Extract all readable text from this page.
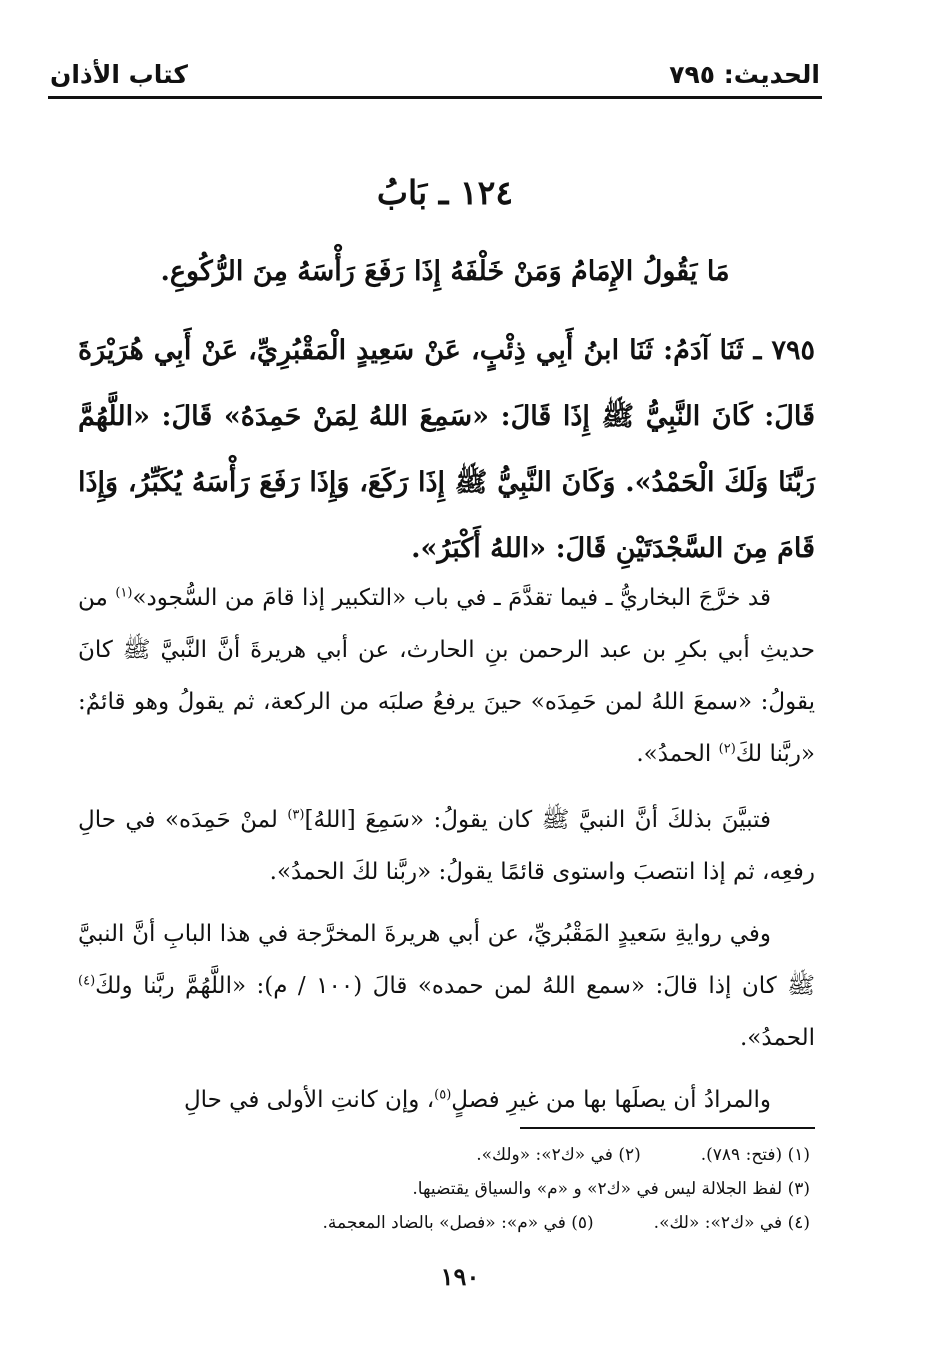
الحديث: ٧٩٥
كتاب الأذان
١٢٤ ـ بَابُ
مَا يَقُولُ الإِمَامُ وَمَنْ خَلْفَهُ إِذَا رَفَعَ رَأْسَهُ مِنَ الرُّكُوعِ.
٧٩٥ ـ ثَنَا آدَمُ: ثَنَا ابنُ أَبِي ذِئْبٍ، عَنْ سَعِيدٍ الْمَقْبُرِيِّ، عَنْ أَبِي هُرَيْرَةَ قَالَ: كَانَ النَّبِيُّ ﷺ إِذَا قَالَ: «سَمِعَ اللهُ لِمَنْ حَمِدَهُ» قَالَ: «اللَّهُمَّ رَبَّنَا وَلَكَ الْحَمْدُ». وَكَانَ النَّبِيُّ ﷺ إِذَا رَكَعَ، وَإِذَا رَفَعَ رَأْسَهُ يُكَبِّرُ، وَإِذَا قَامَ مِنَ السَّجْدَتَيْنِ قَالَ: «اللهُ أَكْبَرُ».
قد خرَّجَ البخاريُّ ـ فيما تقدَّمَ ـ في باب «التكبير إذا قامَ من السُّجود»$^{(١)}$ من حديثِ أبي بكرِ بن عبد الرحمن بنِ الحارث، عن أبي هريرةَ أنَّ النَّبيَّ ﷺ كانَ يقولُ: «سمعَ اللهُ لمن حَمِدَه» حينَ يرفعُ صلبَه من الركعة، ثم يقولُ وهو قائمٌ: «ربَّنا لكَ$^{(٢)}$ الحمدُ».
فتبيَّنَ بذلكَ أنَّ النبيَّ ﷺ كان يقولُ: «سَمِعَ [اللهُ]$^{(٣)}$ لمنْ حَمِدَه» في حالِ رفعِه، ثم إذا انتصبَ واستوى قائمًا يقولُ: «ربَّنا لكَ الحمدُ».
وفي روايةِ سَعيدٍ المَقْبُريِّ، عن أبي هريرةَ المخرَّجة في هذا البابِ أنَّ النبيَّ ﷺ كان إذا قالَ: «سمع اللهُ لمن حمده» قالَ (١٠٠ / م): «اللَّهُمَّ ربَّنا ولكَ$^{(٤)}$ الحمدُ».
والمرادُ أن يصلَها بها من غيرِ فصلٍ$^{(٥)}$، وإن كانتِ الأولى في حالِ
(١) (فتح: ٧٨٩).
(٢) في «ك٢»: «ولك».
(٣) لفظ الجلالة ليس في «ك٢» و «م» والسياق يقتضيها.
(٤) في «ك٢»: «لك».
(٥) في «م»: «فصل» بالضاد المعجمة.
١٩٠
